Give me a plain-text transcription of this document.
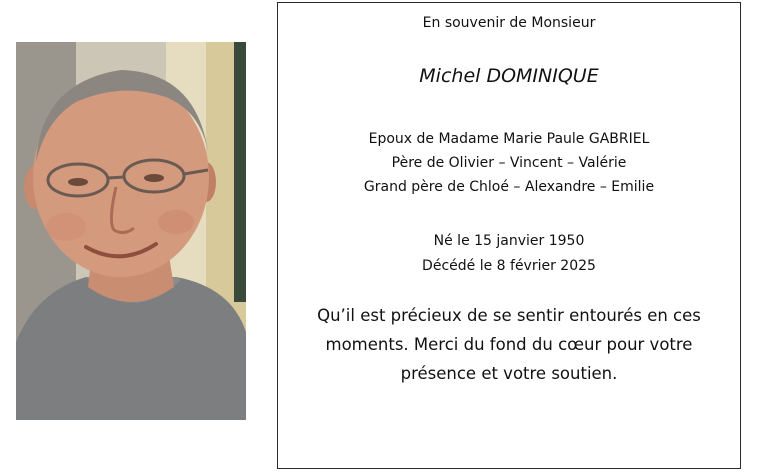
En souvenir de Monsieur
Michel DOMINIQUE
Epoux de Madame Marie Paule GABRIEL
Père de Olivier – Vincent – Valérie
Grand père de Chloé – Alexandre – Emilie
Né le 15 janvier 1950
Décédé le 8 février 2025
Qu’il est précieux de se sentir entourés en ces
moments. Merci du fond du cœur pour votre
présence et votre soutien.
